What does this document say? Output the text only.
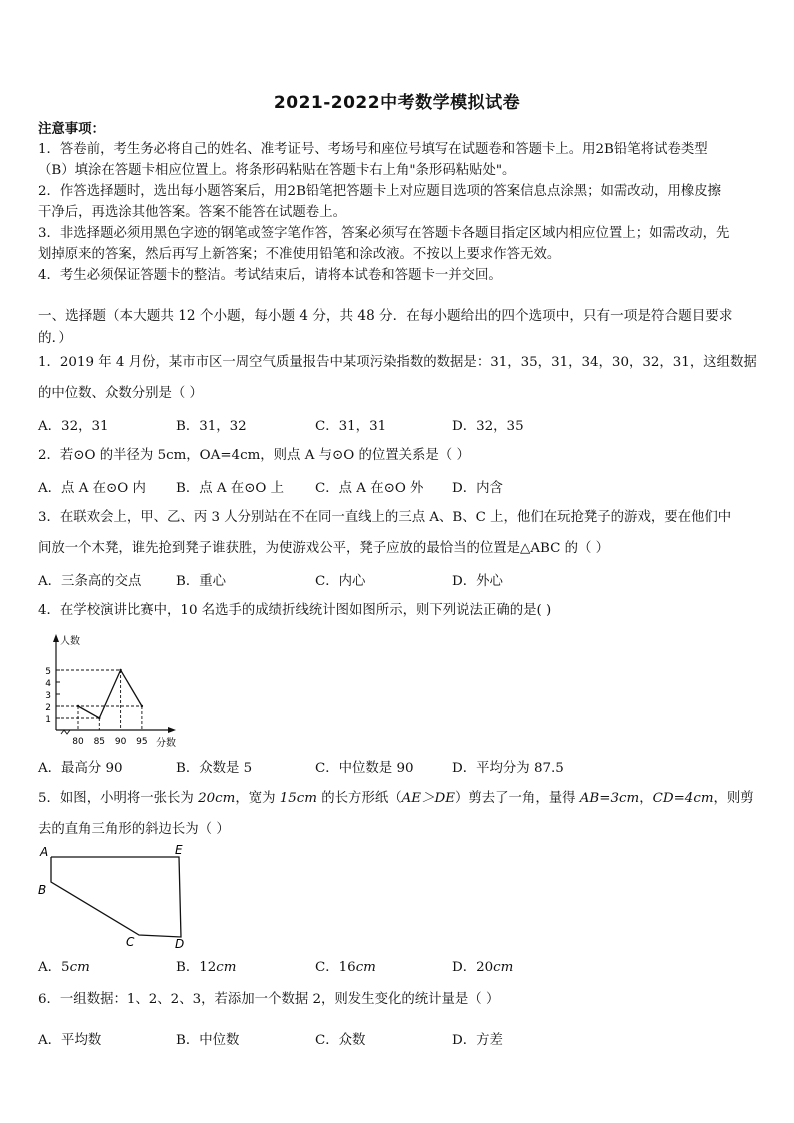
2021-2022中考数学模拟试卷
注意事项：
1．答卷前，考生务必将自己的姓名、准考证号、考场号和座位号填写在试题卷和答题卡上。用2B铅笔将试卷类型
（B）填涂在答题卡相应位置上。将条形码粘贴在答题卡右上角"条形码粘贴处"。
2．作答选择题时，选出每小题答案后，用2B铅笔把答题卡上对应题目选项的答案信息点涂黑；如需改动，用橡皮擦
干净后，再选涂其他答案。答案不能答在试题卷上。
3．非选择题必须用黑色字迹的钢笔或签字笔作答，答案必须写在答题卡各题目指定区域内相应位置上；如需改动，先
划掉原来的答案，然后再写上新答案；不准使用铅笔和涂改液。不按以上要求作答无效。
4．考生必须保证答题卡的整洁。考试结束后，请将本试卷和答题卡一并交回。
一、选择题（本大题共 12 个小题，每小题 4 分，共 48 分．在每小题给出的四个选项中，只有一项是符合题目要求
的．）
1．2019 年 4 月份，某市市区一周空气质量报告中某项污染指数的数据是：31，35，31，34，30，32，31，这组数据
的中位数、众数分别是（ ）
A．32，31	B．31，32	C．31，31	D．32，35
2．若⊙O 的半径为 5cm，OA=4cm，则点 A 与⊙O 的位置关系是（ ）
A．点 A 在⊙O 内 B．点 A 在⊙O 上 C．点 A 在⊙O 外 D．内含
3．在联欢会上，甲、乙、丙 3 人分别站在不在同一直线上的三点 A、B、C 上，他们在玩抢凳子的游戏，要在他们中
间放一个木凳，谁先抢到凳子谁获胜，为使游戏公平，凳子应放的最恰当的位置是△ABC 的（ ）
A．三条高的交点	B．重心	C．内心	D．外心
4．在学校演讲比赛中，10 名选手的成绩折线统计图如图所示，则下列说法正确的是( )
1
2
3
4
5
80 85 90 95
人数
分数
A．最高分 90	B．众数是 5	C．中位数是 90	D．平均分为 87.5
5．如图，小明将一张长为 20cm，宽为 15cm 的长方形纸（AE＞DE）剪去了一角，量得 AB=3cm，CD=4cm，则剪
去的直角三角形的斜边长为（ ）
A	E
B
C	D
A．5cm	B．12cm	C．16cm	D．20cm
6．一组数据：1、2、2、3，若添加一个数据 2，则发生变化的统计量是（ ）
A．平均数	B．中位数	C．众数	D．方差
